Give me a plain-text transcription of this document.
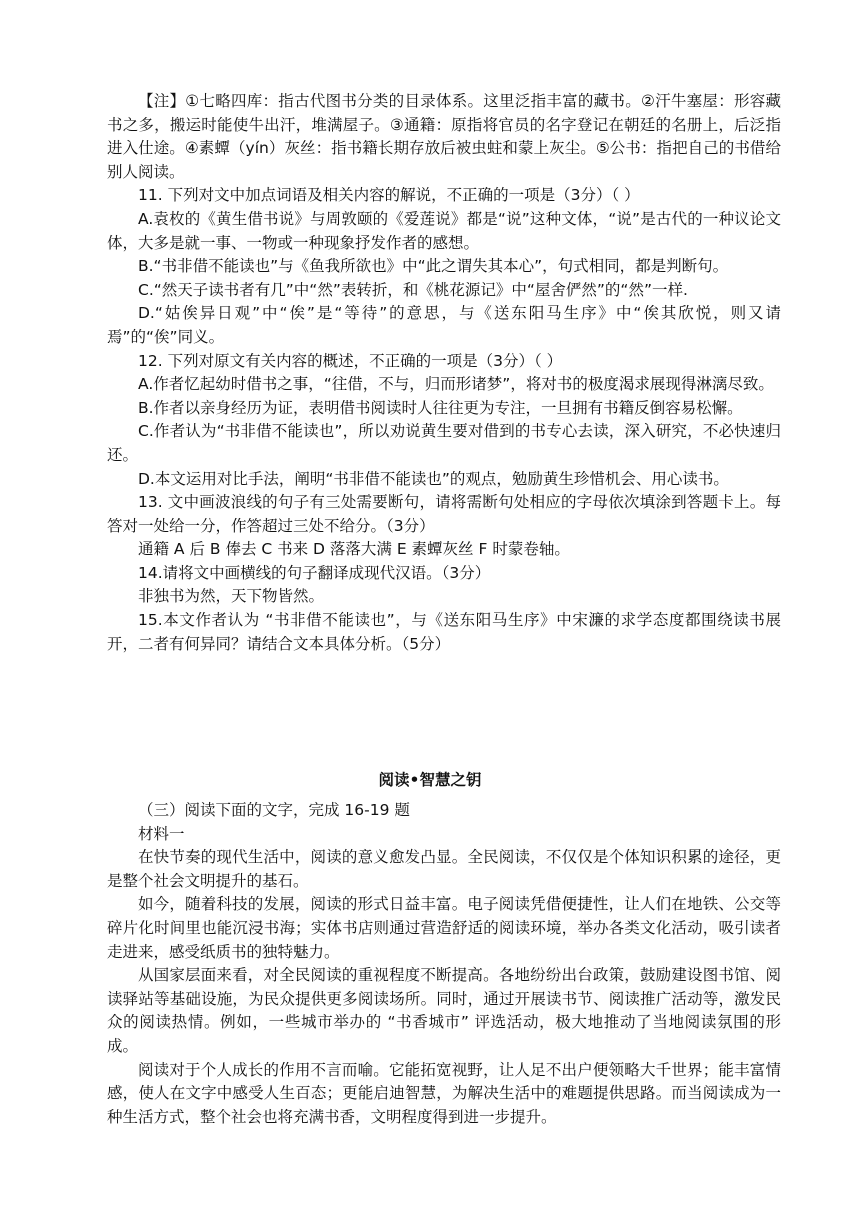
【注】①七略四库：指古代图书分类的目录体系。这里泛指丰富的藏书。②汗牛塞屋：形容藏书之多，搬运时能使牛出汗，堆满屋子。③通籍：原指将官员的名字登记在朝廷的名册上，后泛指进入仕途。④素蟫（yín）灰丝：指书籍长期存放后被虫蛀和蒙上灰尘。⑤公书：指把自己的书借给别人阅读。

11. 下列对文中加点词语及相关内容的解说，不正确的一项是（3分）（ ）

A.袁枚的《黄生借书说》与周敦颐的《爱莲说》都是“说”这种文体，“说”是古代的一种议论文体，大多是就一事、一物或一种现象抒发作者的感想。

B.“书非借不能读也”与《鱼我所欲也》中“此之谓失其本心”，句式相同，都是判断句。

C.“然天子读书者有几”中“然”表转折，和《桃花源记》中“屋舍俨然”的“然”一样.

D.“姑俟异日观”中“俟”是“等待”的意思，与《送东阳马生序》中“俟其欣悦，则又请焉”的“俟”同义。

12. 下列对原文有关内容的概述，不正确的一项是（3分）（ ）

A.作者忆起幼时借书之事，“往借，不与，归而形诸梦”，将对书的极度渴求展现得淋漓尽致。

B.作者以亲身经历为证，表明借书阅读时人往往更为专注，一旦拥有书籍反倒容易松懈。

C.作者认为“书非借不能读也”，所以劝说黄生要对借到的书专心去读，深入研究，不必快速归还。

D.本文运用对比手法，阐明“书非借不能读也”的观点，勉励黄生珍惜机会、用心读书。

13. 文中画波浪线的句子有三处需要断句，请将需断句处相应的字母依次填涂到答题卡上。每答对一处给一分，作答超过三处不给分。（3分）

通籍 A 后 B 俸去 C 书来 D 落落大满 E 素蟫灰丝 F 时蒙卷轴。

14.请将文中画横线的句子翻译成现代汉语。（3分）

非独书为然，天下物皆然。

15.本文作者认为 “书非借不能读也”，与《送东阳马生序》中宋濂的求学态度都围绕读书展开，二者有何异同？请结合文本具体分析。（5分）

阅读•智慧之钥

（三）阅读下面的文字，完成 16-19 题

材料一

在快节奏的现代生活中，阅读的意义愈发凸显。全民阅读，不仅仅是个体知识积累的途径，更是整个社会文明提升的基石。

如今，随着科技的发展，阅读的形式日益丰富。电子阅读凭借便捷性，让人们在地铁、公交等碎片化时间里也能沉浸书海；实体书店则通过营造舒适的阅读环境，举办各类文化活动，吸引读者走进来，感受纸质书的独特魅力。

从国家层面来看，对全民阅读的重视程度不断提高。各地纷纷出台政策，鼓励建设图书馆、阅读驿站等基础设施，为民众提供更多阅读场所。同时，通过开展读书节、阅读推广活动等，激发民众的阅读热情。例如，一些城市举办的 “书香城市” 评选活动，极大地推动了当地阅读氛围的形成。

阅读对于个人成长的作用不言而喻。它能拓宽视野，让人足不出户便领略大千世界；能丰富情感，使人在文字中感受人生百态；更能启迪智慧，为解决生活中的难题提供思路。而当阅读成为一种生活方式，整个社会也将充满书香，文明程度得到进一步提升。
